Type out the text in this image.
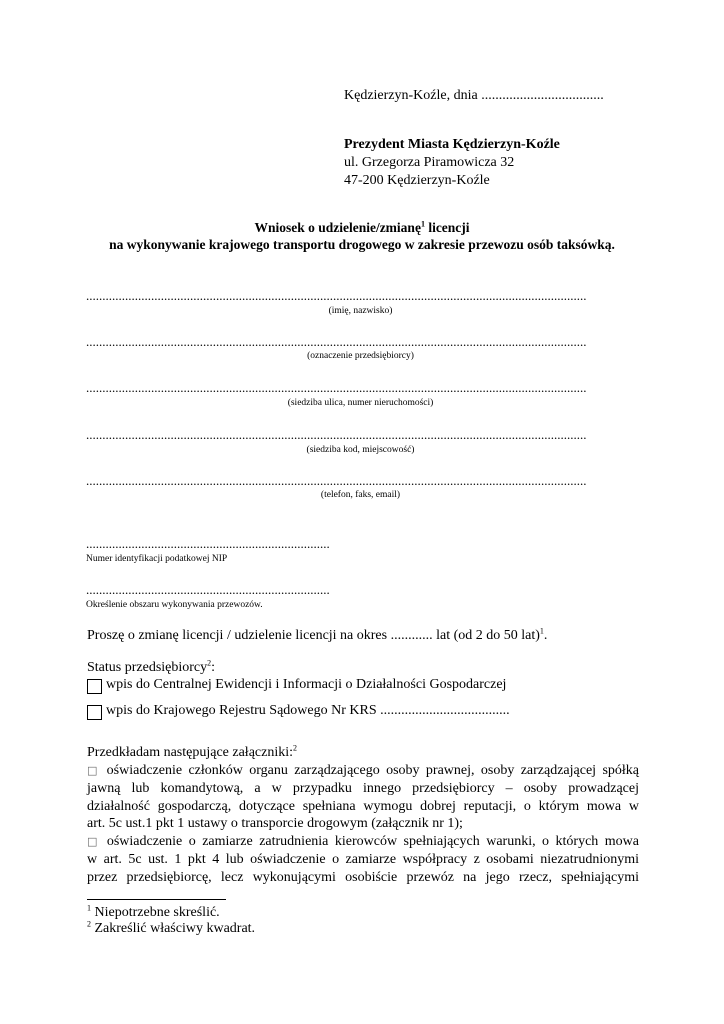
Kędzierzyn-Koźle, dnia ...................................
Prezydent Miasta Kędzierzyn-Koźle
ul. Grzegorza Piramowicza 32
47-200 Kędzierzyn-Koźle
Wniosek o udzielenie/zmianę$^1$ licencji
na wykonywanie krajowego transportu drogowego w zakresie przewozu osób taksówką.
..........................................................................................................................................................
(imię, nazwisko)
..........................................................................................................................................................
(oznaczenie przedsiębiorcy)
..........................................................................................................................................................
(siedziba ulica, numer nieruchomości)
..........................................................................................................................................................
(siedziba kod, miejscowość)
..........................................................................................................................................................
(telefon, faks, email)
...........................................................................
Numer identyfikacji podatkowej NIP
...........................................................................
Określenie obszaru wykonywania przewozów.
Proszę o zmianę licencji / udzielenie licencji na okres ............ lat (od 2 do 50 lat)$^1$.
Status przedsiębiorcy$^2$:
wpis do Centralnej Ewidencji i Informacji o Działalności Gospodarczej
wpis do Krajowego Rejestru Sądowego Nr KRS .....................................
Przedkładam następujące załączniki:$^2$
□ oświadczenie członków organu zarządzającego osoby prawnej, osoby zarządzającej spółką
jawną lub komandytową, a w przypadku innego przedsiębiorcy – osoby prowadzącej
działalność gospodarczą, dotyczące spełniana wymogu dobrej reputacji, o którym mowa w
art. 5c ust.1 pkt 1 ustawy o transporcie drogowym (załącznik nr 1);
□ oświadczenie o zamiarze zatrudnienia kierowców spełniających warunki, o których mowa
w art. 5c ust. 1 pkt 4 lub oświadczenie o zamiarze współpracy z osobami niezatrudnionymi
przez przedsiębiorcę, lecz wykonującymi osobiście przewóz na jego rzecz, spełniającymi
$^1$ Niepotrzebne skreślić.
$^2$ Zakreślić właściwy kwadrat.
